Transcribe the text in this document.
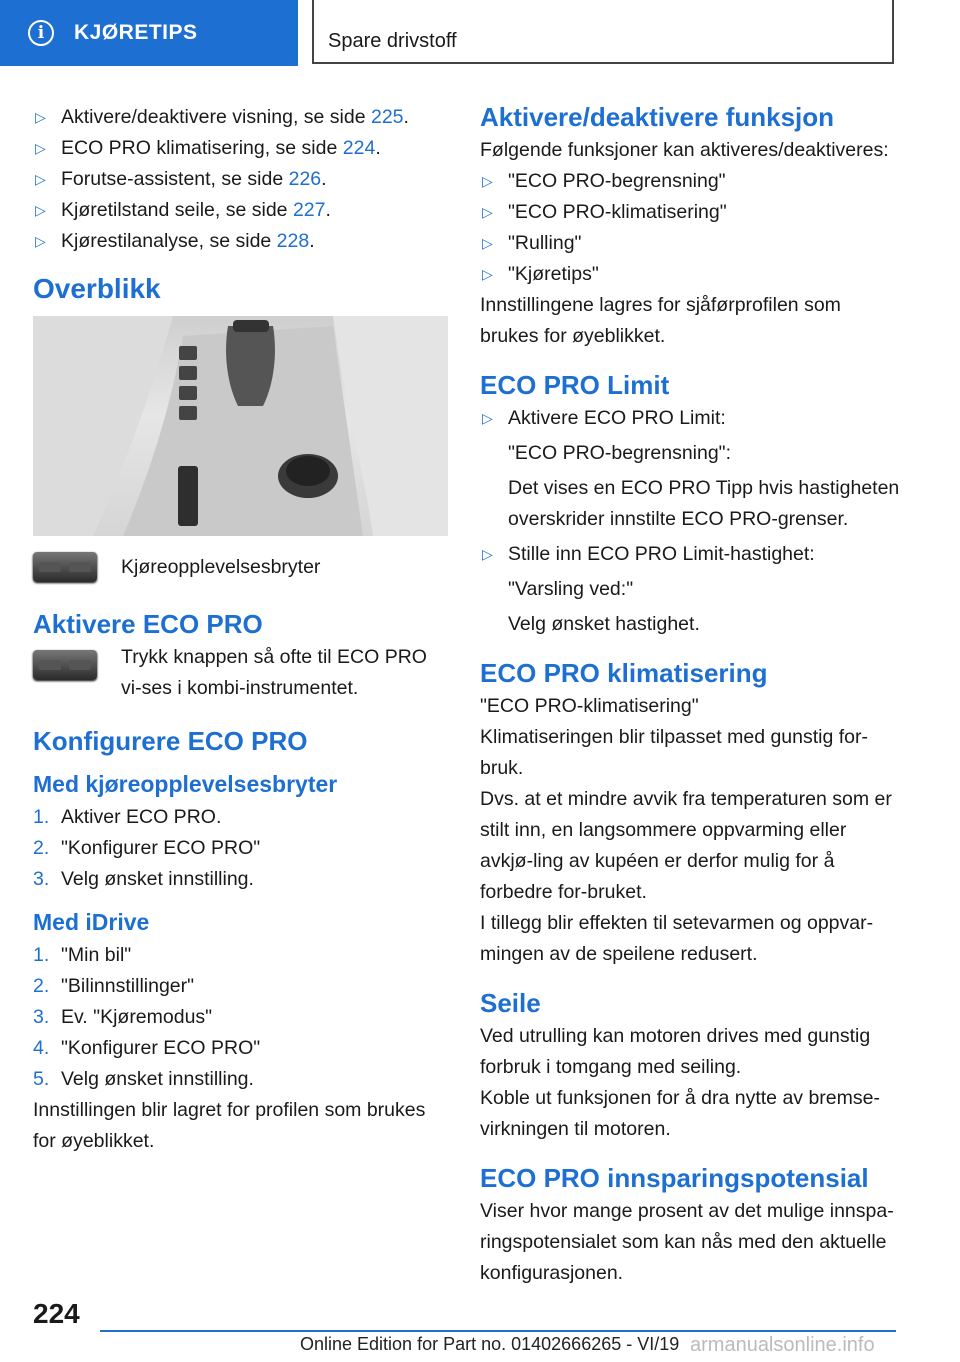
i	KJØRETIPS	Spare drivstoff

▷ Aktivere/deaktivere visning, se side 225.

▷ ECO PRO klimatisering, se side 224.

▷ Forutse-assistent, se side 226.

▷ Kjøretilstand seile, se side 227.

▷ Kjørestilanalyse, se side 228.

Overblikk
Kjøreopplevelsesbryter
Aktivere ECO PRO

Trykk knappen så ofte til ECO PRO vi-ses i kombi-instrumentet.

Konfigurere ECO PRO
Med kjøreopplevelsesbryter

1. Aktiver ECO PRO.

2. "Konfigurer ECO PRO"

3. Velg ønsket innstilling.

Med iDrive

1. "Min bil"

2. "Bilinnstillinger"

3. Ev. "Kjøremodus"

4. "Konfigurer ECO PRO"

5. Velg ønsket innstilling.

Innstillingen blir lagret for profilen som brukes for øyeblikket.

Aktivere/deaktivere funksjon

Følgende funksjoner kan aktiveres/deaktiveres:

▷ "ECO PRO-begrensning"

▷ "ECO PRO-klimatisering"

▷ "Rulling"

▷ "Kjøretips"

Innstillingene lagres for sjåførprofilen som brukes for øyeblikket.

ECO PRO Limit
▷ Aktivere ECO PRO Limit:

"ECO PRO-begrensning":

Det vises en ECO PRO Tipp hvis hastigheten overskrider innstilte ECO PRO-grenser.

▷ Stille inn ECO PRO Limit-hastighet:

"Varsling ved:"

Velg ønsket hastighet.

ECO PRO klimatisering

"ECO PRO-klimatisering"

Klimatiseringen blir tilpasset med gunstig for-bruk.

Dvs. at et mindre avvik fra temperaturen som er stilt inn, en langsommere oppvarming eller avkjø-ling av kupéen er derfor mulig for å forbedre for-bruket.

I tillegg blir effekten til setevarmen og oppvar-mingen av de speilene redusert.

Seile

Ved utrulling kan motoren drives med gunstig forbruk i tomgang med seiling.

Koble ut funksjonen for å dra nytte av bremse-virkningen til motoren.

ECO PRO innsparingspotensial

Viser hvor mange prosent av det mulige innspa-ringspotensialet som kan nås med den aktuelle konfigurasjonen.

224
Online Edition for Part no. 01402666265 - VI/19 armanualsonline.info
